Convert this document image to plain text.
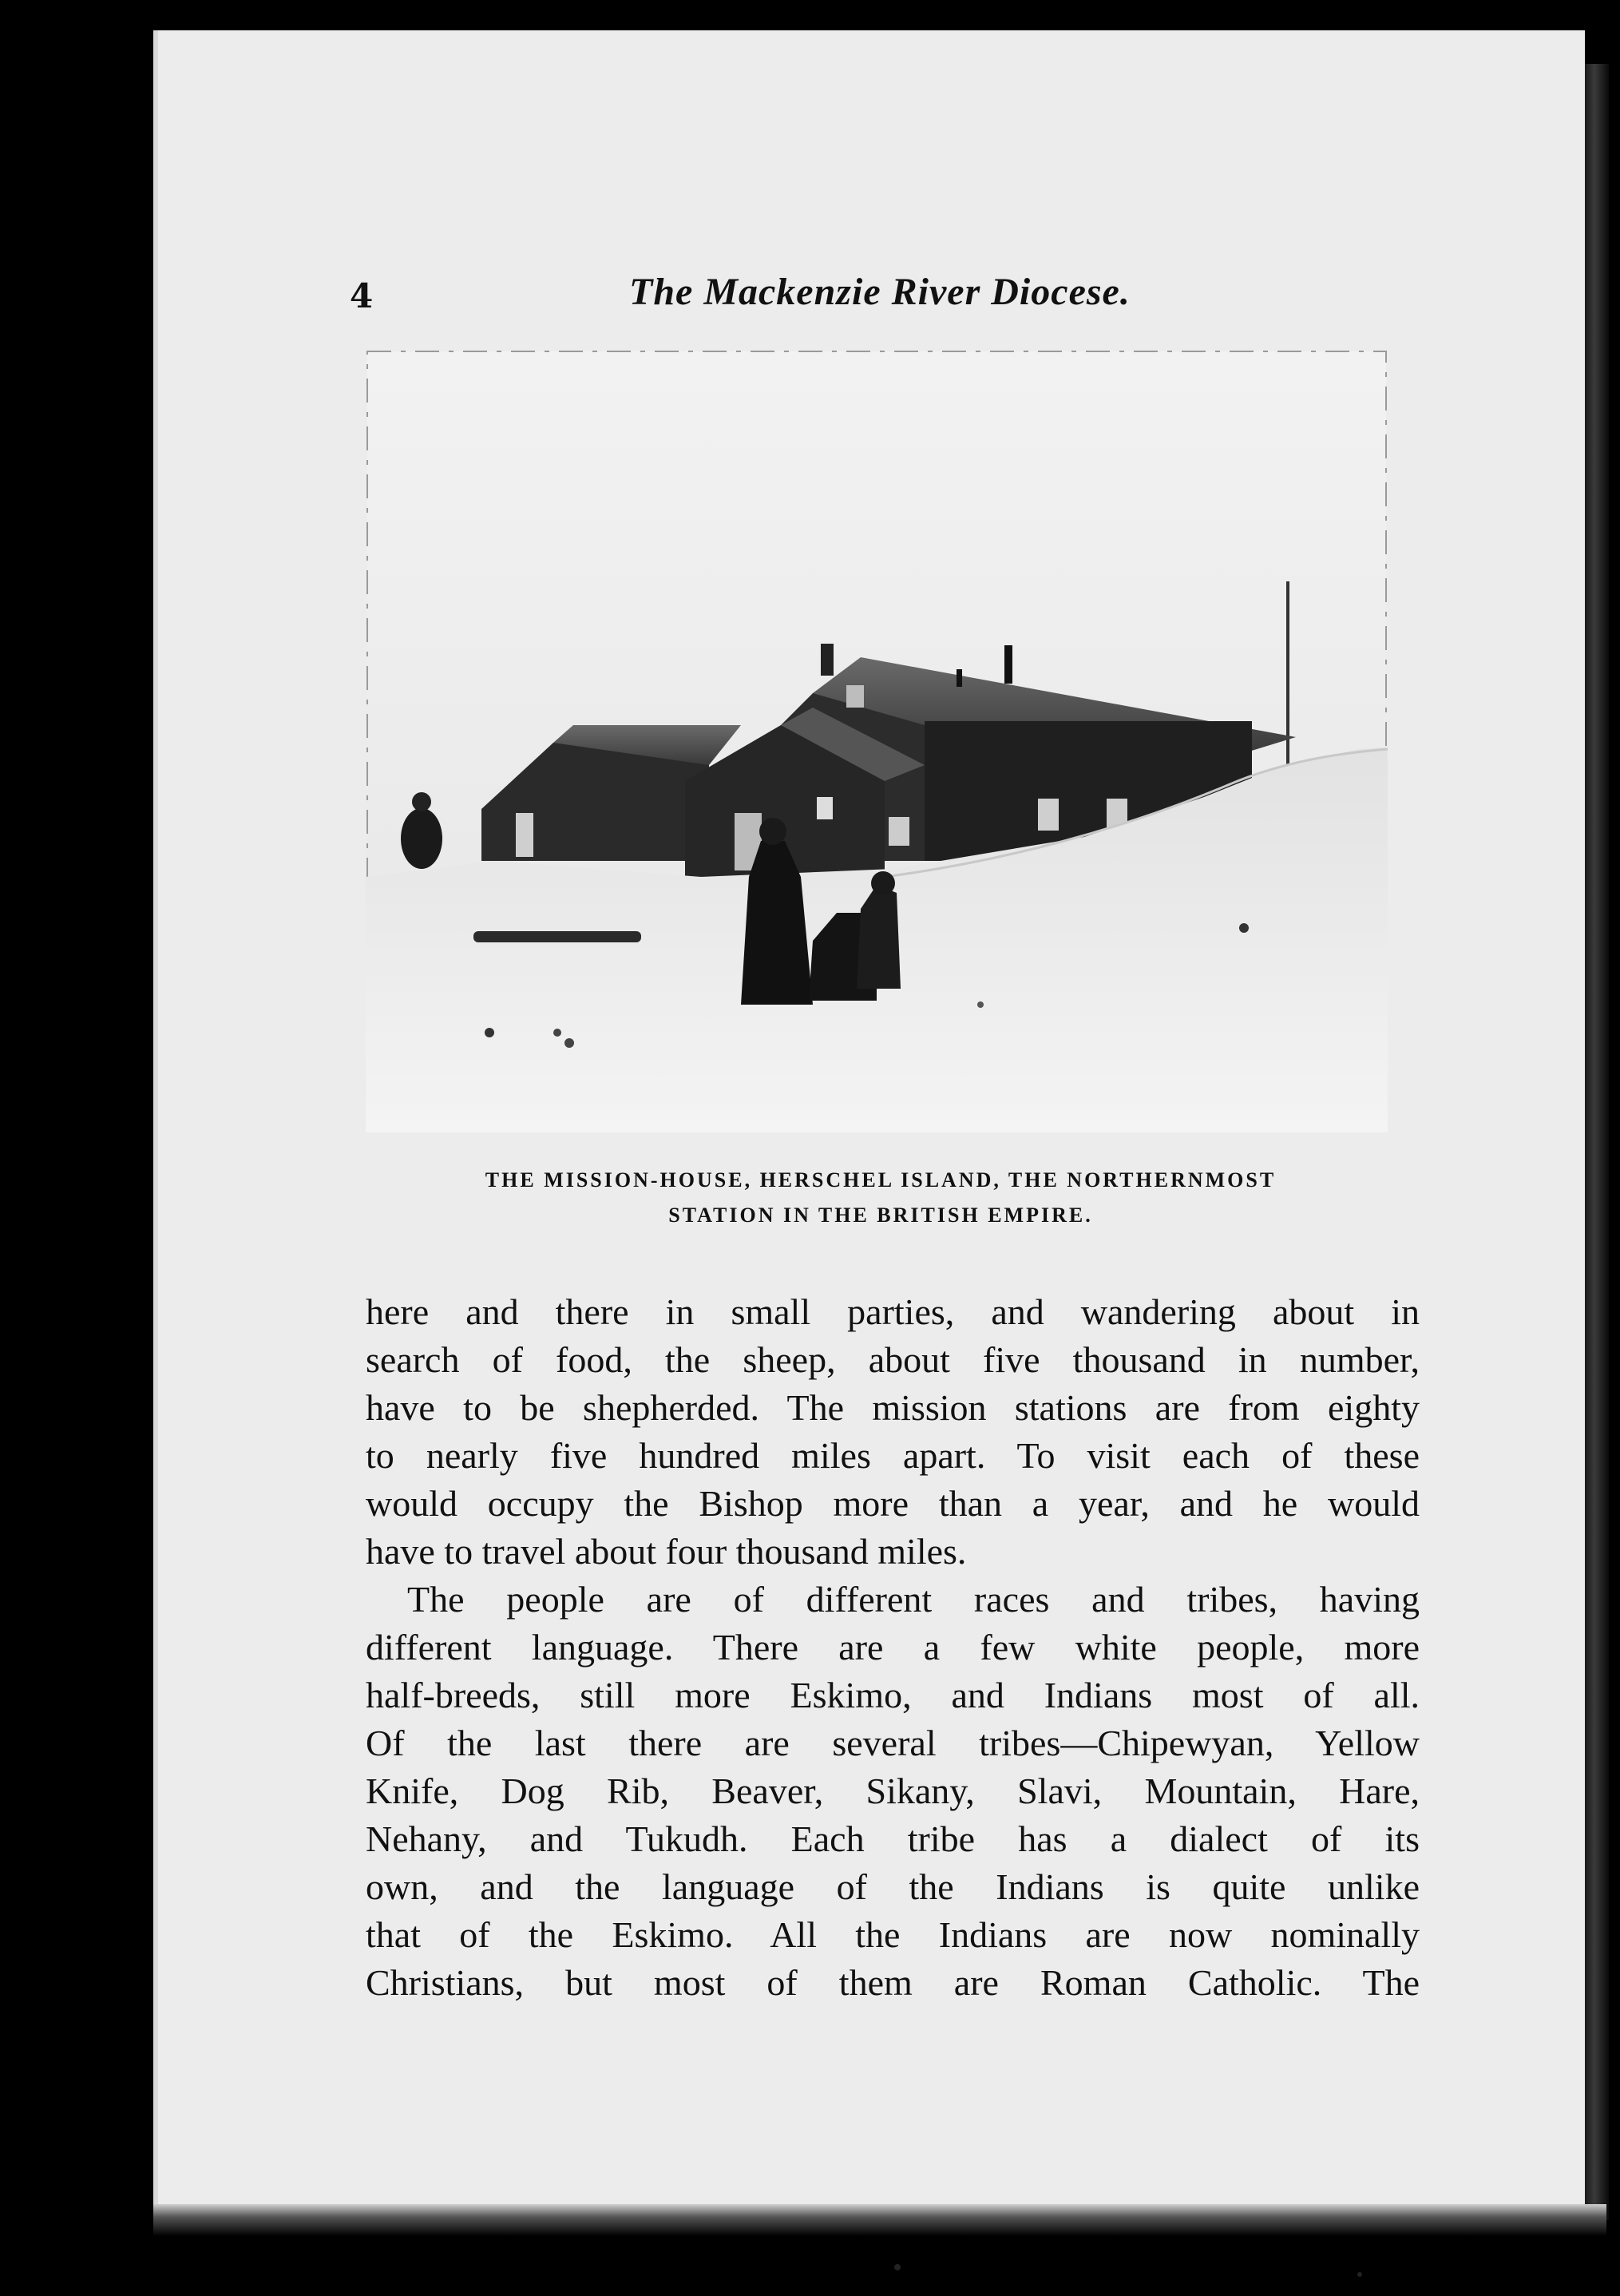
4	The Mackenzie River Diocese.
THE MISSION-HOUSE, HERSCHEL ISLAND, THE NORTHERNMOST
STATION IN THE BRITISH EMPIRE.
here and there in small parties, and wandering about in
search of food, the sheep, about five thousand in number,
have to be shepherded. The mission stations are from eighty
to nearly five hundred miles apart. To visit each of these
would occupy the Bishop more than a year, and he would
have to travel about four thousand miles.
The people are of different races and tribes, having
different language. There are a few white people, more
half-breeds, still more Eskimo, and Indians most of all.
Of the last there are several tribes—Chipewyan, Yellow
Knife, Dog Rib, Beaver, Sikany, Slavi, Mountain, Hare,
Nehany, and Tukudh. Each tribe has a dialect of its
own, and the language of the Indians is quite unlike
that of the Eskimo. All the Indians are now nominally
Christians, but most of them are Roman Catholic. The
